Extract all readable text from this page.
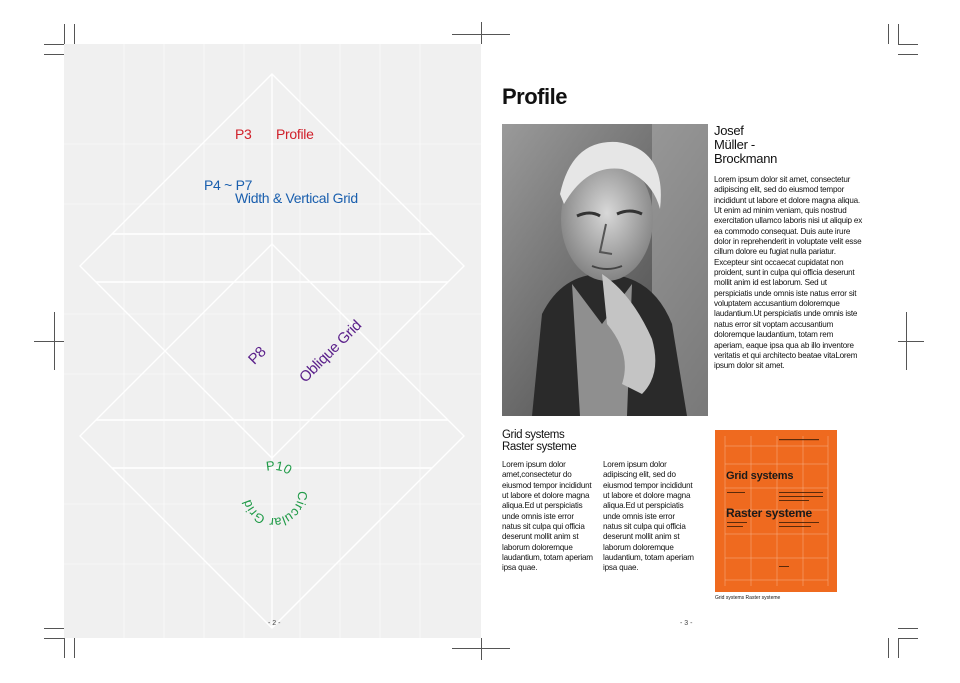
P3 Profile
P4 ~ P7
Width & Vertical Grid
P8 Oblique Grid
P10
Circular Grid
- 2 -
Profile
Josef
Müller -
Brockmann
Lorem ipsum dolor sit amet, consectetur adipiscing elit, sed do eiusmod tempor incididunt ut labore et dolore magna aliqua. Ut enim ad minim veniam, quis nostrud exercitation ullamco laboris nisi ut aliquip ex ea commodo consequat. Duis aute irure dolor in reprehenderit in voluptate velit esse cillum dolore eu fugiat nulla pariatur. Excepteur sint occaecat cupidatat non proident, sunt in culpa qui officia deserunt mollit anim id est laborum. Sed ut perspiciatis unde omnis iste natus error sit voluptatem accusantium doloremque laudantium.Ut perspiciatis unde omnis iste natus error sit voptam accusantium doloremque laudantium, totam rem aperiam, eaque ipsa qua ab illo inventore veritatis et qui architecto beatae vitaLorem ipsum dolor sit amet.
Grid systems
Raster systeme
Lorem ipsum dolor amet,consectetur do eiusmod tempor incididunt ut labore et dolore magna aliqua.Ed ut perspiciatis unde omnis iste error natus sit culpa qui officia deserunt mollit anim st laborum doloremque laudantium, totam aperiam ipsa quae.
Lorem ipsum dolor adipiscing elit, sed do eiusmod tempor incididunt ut labore et dolore magna aliqua.Ed ut perspiciatis unde omnis iste error natus sit culpa qui officia deserunt mollit anim st laborum doloremque laudantium, totam aperiam ipsa quae.
Grid systems
Raster systeme
Grid systems Raster systeme
- 3 -
